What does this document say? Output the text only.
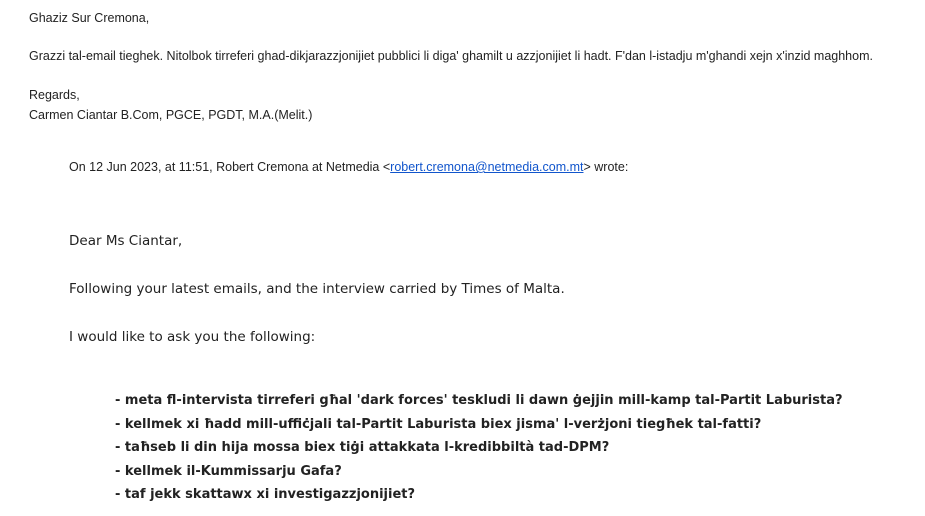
Ghaziz Sur Cremona,
Grazzi tal-email tieghek. Nitolbok tirreferi ghad-dikjarazzjonijiet pubblici li diga' ghamilt u azzjonijiet li hadt. F'dan l-istadju m'ghandi xejn x'inzid maghhom.
Regards,
Carmen Ciantar B.Com, PGCE, PGDT, M.A.(Melit.)
On 12 Jun 2023, at 11:51, Robert Cremona at Netmedia <robert.cremona@netmedia.com.mt> wrote:
Dear Ms Ciantar,
Following your latest emails, and the interview carried by Times of Malta.
I would like to ask you the following:
- meta fl-intervista tirreferi għal 'dark forces' teskludi li dawn ġejjin mill-kamp tal-Partit Laburista?
- kellmek xi ħadd mill-uffiċjali tal-Partit Laburista biex jisma' l-verżjoni tiegħek tal-fatti?
- taħseb li din hija mossa biex tiġi attakkata l-kredibbiltà tad-DPM?
- kellmek il-Kummissarju Gafa?
- taf jekk skattawx xi investigazzjonijiet?
